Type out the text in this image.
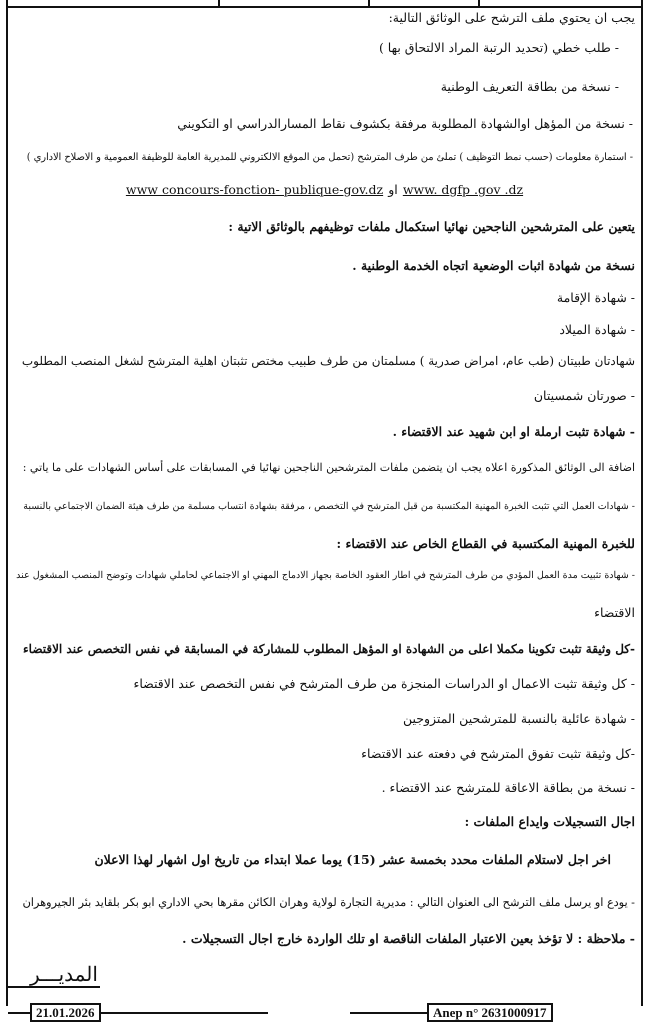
يجب ان يحتوي ملف الترشح على الوثائق التالية:
- طلب خطي (تحديد الرتبة المراد الالتحاق بها )
- نسخة من بطاقة التعريف الوطنية
- نسخة من المؤهل اوالشهادة المطلوبة مرفقة بكشوف نقاط المسارالدراسي او التكويني
- استمارة معلومات (حسب نمط التوظيف ) تملئ من طرف المترشح (تحمل من الموقع الالكتروني للمديرية العامة للوظيفة العمومية و الاصلاح الاداري )
www concours-fonction- publique-gov.dz او www. dgfp .gov .dz
يتعين على المترشحين الناجحين نهائيا استكمال ملفات توظيفهم بالوثائق الاتية :
نسخة من شهادة اثبات الوضعية اتجاه الخدمة الوطنية .
- شهادة الإقامة
- شهادة الميلاد
شهادتان طبيتان (طب عام، امراض صدرية ) مسلمتان من طرف طبيب مختص تثبتان اهلية المترشح لشغل المنصب المطلوب
- صورتان شمسيتان
- شهادة تثبت ارملة او ابن شهيد عند الاقتضاء .
اضافة الى الوثائق المذكورة اعلاه يجب ان يتضمن ملفات المترشحين الناجحين نهائيا في المسابقات على أساس الشهادات على ما ياتي :
- شهادات العمل التي تثبت الخبرة المهنية المكتسبة من قبل المترشح في التخصص ، مرفقة بشهادة انتساب مسلمة من طرف هيئة الضمان الاجتماعي بالنسبة
للخبرة المهنية المكتسبة في القطاع الخاص عند الاقتضاء :
- شهادة تثبيت مدة العمل المؤدي من طرف المترشح في اطار العقود الخاصة بجهاز الادماج المهني او الاجتماعي لحاملي شهادات وتوضح المنصب المشغول عند
الاقتضاء
-كل وثيقة تثبت تكوينا مكملا اعلى من الشهادة او المؤهل المطلوب للمشاركة في المسابقة في نفس التخصص عند الاقتضاء
- كل وثيقة تثبت الاعمال او الدراسات المنجزة من طرف المترشح في نفس التخصص عند الاقتضاء
- شهادة عائلية بالنسبة للمترشحين المتزوجين
-كل وثيقة تثبت تفوق المترشح في دفعته عند الاقتضاء
- نسخة من بطاقة الاعاقة للمترشح عند الاقتضاء .
اجال التسجيلات وايداع الملفات :
اخر اجل لاستلام الملفات محدد بخمسة عشر (15) يوما عملا ابتداء من تاريخ اول اشهار لهذا الاعلان
- يودع او يرسل ملف الترشح الى العنوان التالي : مديرية التجارة لولاية وهران الكائن مقرها بحي الاداري ابو بكر بلقايد بئر الجيروهران
- ملاحظة : لا تؤخذ بعين الاعتبار الملفات الناقصة او تلك الواردة خارج اجال التسجيلات .
المديـــر
21.01.2026	Anep n° 2631000917
